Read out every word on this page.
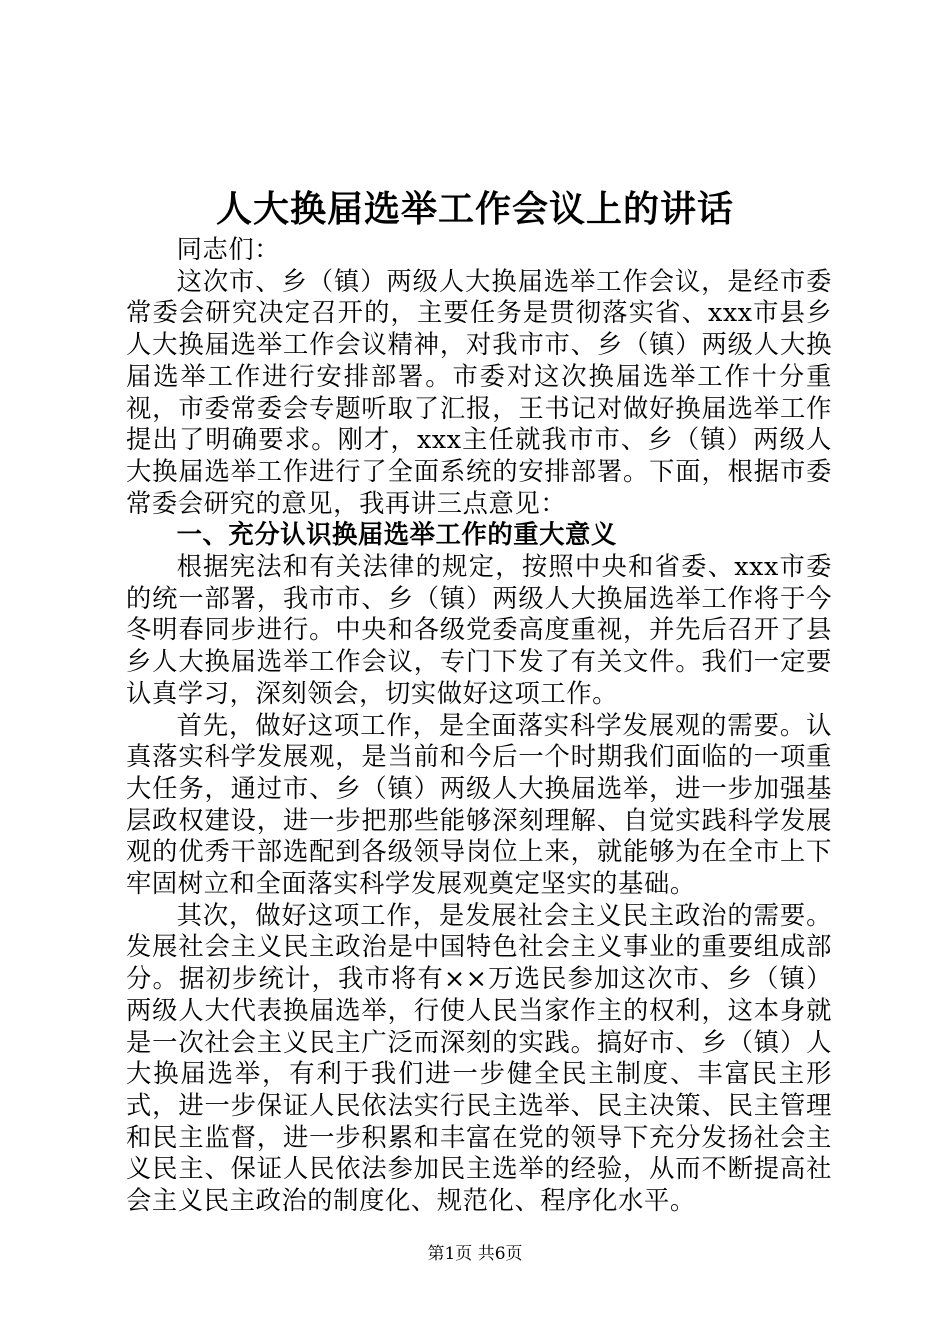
人大换届选举工作会议上的讲话

同志们：

这次市、乡（镇）两级人大换届选举工作会议，是经市委常委会研究决定召开的，主要任务是贯彻落实省、xxx市县乡人大换届选举工作会议精神，对我市市、乡（镇）两级人大换届选举工作进行安排部署。市委对这次换届选举工作十分重视，市委常委会专题听取了汇报，王书记对做好换届选举工作提出了明确要求。刚才，xxx主任就我市市、乡（镇）两级人大换届选举工作进行了全面系统的安排部署。下面，根据市委常委会研究的意见，我再讲三点意见：

一、充分认识换届选举工作的重大意义

根据宪法和有关法律的规定，按照中央和省委、xxx市委的统一部署，我市市、乡（镇）两级人大换届选举工作将于今冬明春同步进行。中央和各级党委高度重视，并先后召开了县乡人大换届选举工作会议，专门下发了有关文件。我们一定要认真学习，深刻领会，切实做好这项工作。

首先，做好这项工作，是全面落实科学发展观的需要。认真落实科学发展观，是当前和今后一个时期我们面临的一项重大任务，通过市、乡（镇）两级人大换届选举，进一步加强基层政权建设，进一步把那些能够深刻理解、自觉实践科学发展观的优秀干部选配到各级领导岗位上来，就能够为在全市上下牢固树立和全面落实科学发展观奠定坚实的基础。

其次，做好这项工作，是发展社会主义民主政治的需要。发展社会主义民主政治是中国特色社会主义事业的重要组成部分。据初步统计，我市将有××万选民参加这次市、乡（镇）两级人大代表换届选举，行使人民当家作主的权利，这本身就是一次社会主义民主广泛而深刻的实践。搞好市、乡（镇）人大换届选举，有利于我们进一步健全民主制度、丰富民主形式，进一步保证人民依法实行民主选举、民主决策、民主管理和民主监督，进一步积累和丰富在党的领导下充分发扬社会主义民主、保证人民依法参加民主选举的经验，从而不断提高社会主义民主政治的制度化、规范化、程序化水平。

第1页 共6页
